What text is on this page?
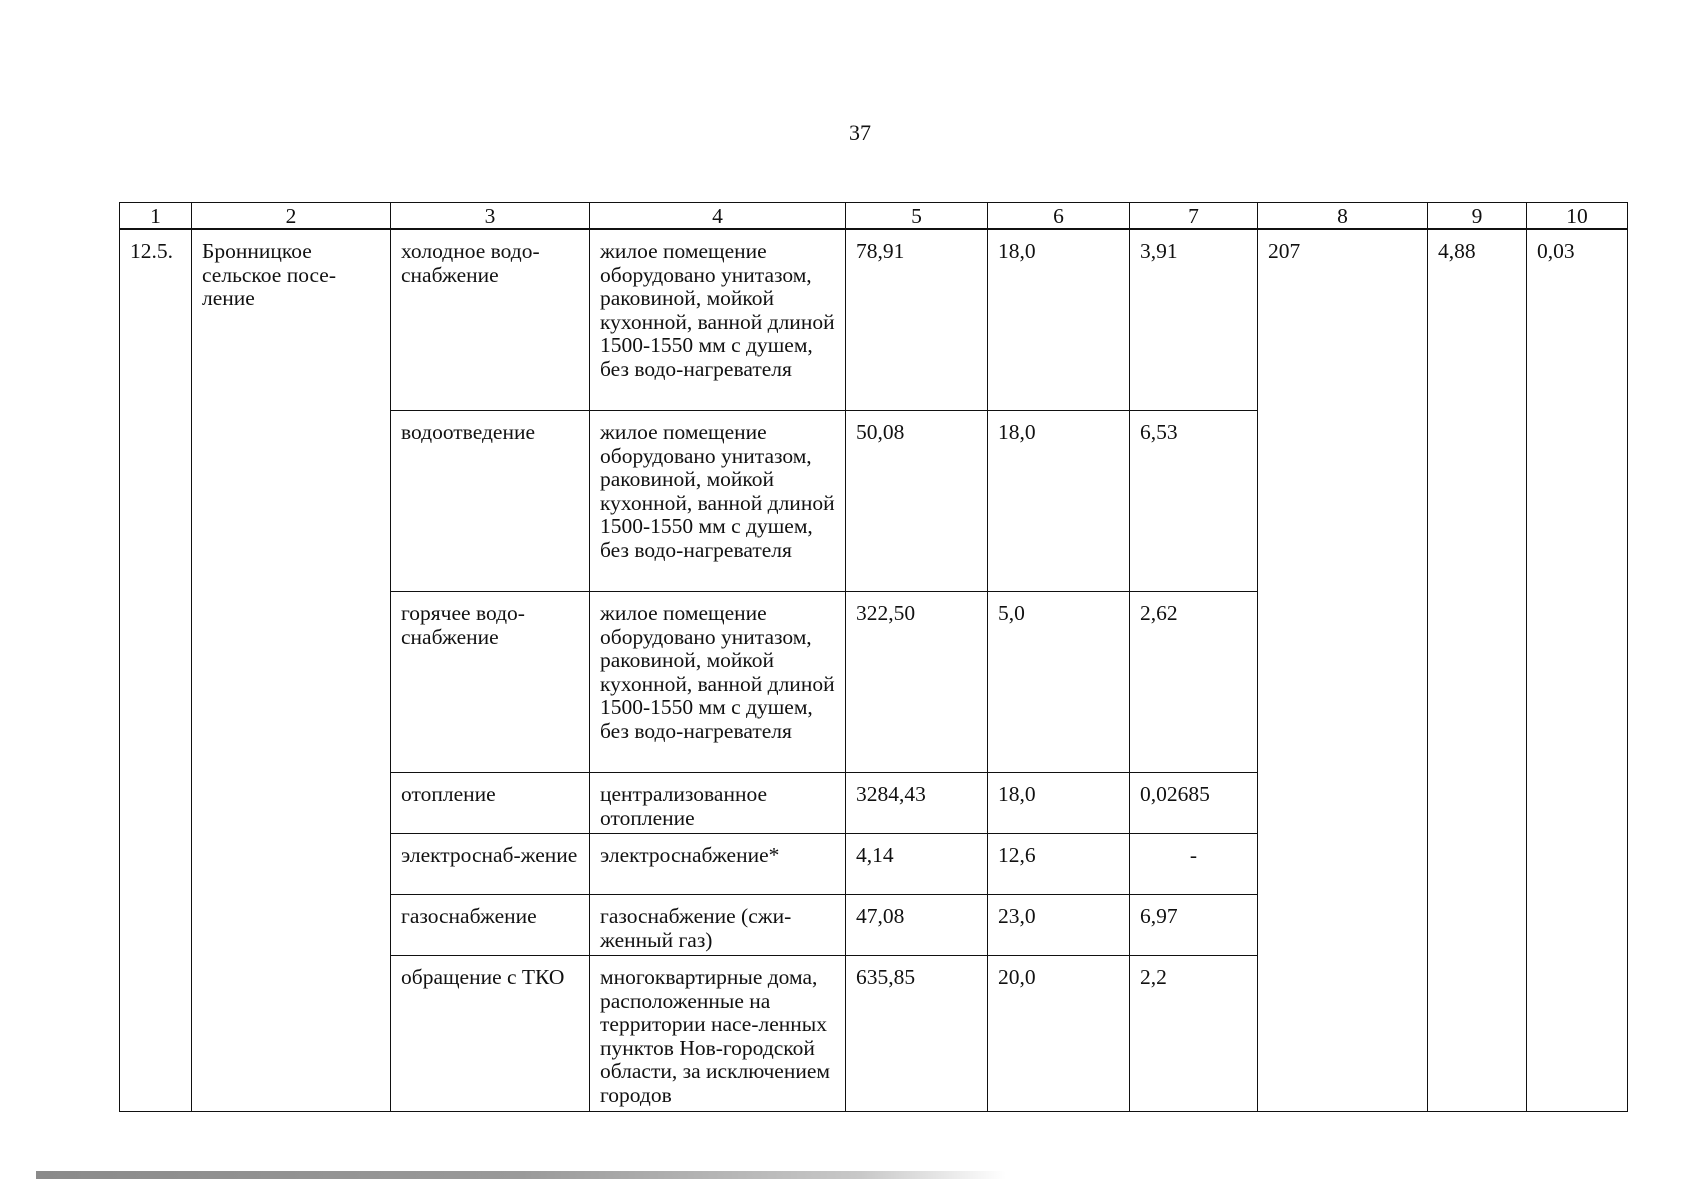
37
1	2	3	4	5	6	7	8	9	10
12.5.	Бронницкое сельское посе-ление	холодное водо-снабжение	жилое помещение оборудовано унитазом, раковиной, мойкой кухонной, ванной длиной 1500-1550 мм с душем, без водо-нагревателя	78,91	18,0	3,91	207	4,88	0,03
		водоотведение	жилое помещение оборудовано унитазом, раковиной, мойкой кухонной, ванной длиной 1500-1550 мм с душем, без водо-нагревателя	50,08	18,0	6,53			
		горячее водо-снабжение	жилое помещение оборудовано унитазом, раковиной, мойкой кухонной, ванной длиной 1500-1550 мм с душем, без водо-нагревателя	322,50	5,0	2,62			
		отопление	централизованное отопление	3284,43	18,0	0,02685			
		электроснаб-жение	электроснабжение*	4,14	12,6	-			
		газоснабжение	газоснабжение (сжи-женный газ)	47,08	23,0	6,97			
		обращение с ТКО	многоквартирные дома, расположенные на территории насе-ленных пунктов Нов-городской области, за исключением городов	635,85	20,0	2,2			
